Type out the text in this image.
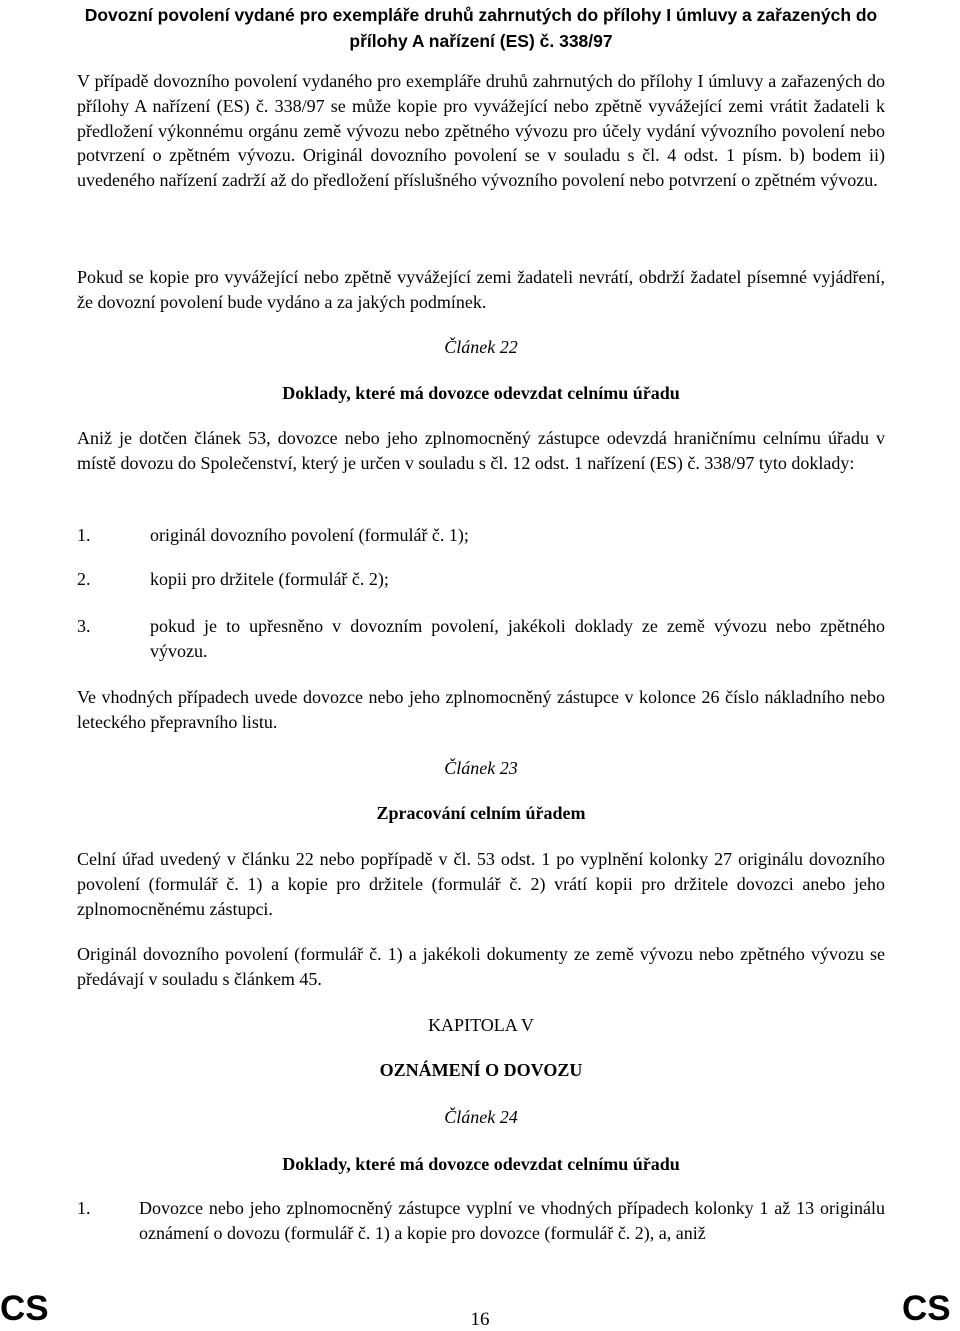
Dovozní povolení vydané pro exempláře druhů zahrnutých do přílohy I úmluvy a zařazených do přílohy A nařízení (ES) č. 338/97
V případě dovozního povolení vydaného pro exempláře druhů zahrnutých do přílohy I úmluvy a zařazených do přílohy A nařízení (ES) č. 338/97 se může kopie pro vyvážející nebo zpětně vyvážející zemi vrátit žadateli k předložení výkonnému orgánu země vývozu nebo zpětného vývozu pro účely vydání vývozního povolení nebo potvrzení o zpětném vývozu. Originál dovozního povolení se v souladu s čl. 4 odst. 1 písm. b) bodem ii) uvedeného nařízení zadrží až do předložení příslušného vývozního povolení nebo potvrzení o zpětném vývozu.
Pokud se kopie pro vyvážející nebo zpětně vyvážející zemi žadateli nevrátí, obdrží žadatel písemné vyjádření, že dovozní povolení bude vydáno a za jakých podmínek.
Článek 22
Doklady, které má dovozce odevzdat celnímu úřadu
Aniž je dotčen článek 53, dovozce nebo jeho zplnomocněný zástupce odevzdá hraničnímu celnímu úřadu v místě dovozu do Společenství, který je určen v souladu s čl. 12 odst. 1 nařízení (ES) č. 338/97 tyto doklady:
1.	originál dovozního povolení (formulář č. 1);
2.	kopii pro držitele (formulář č. 2);
3.	pokud je to upřesněno v dovozním povolení, jakékoli doklady ze země vývozu nebo zpětného vývozu.
Ve vhodných případech uvede dovozce nebo jeho zplnomocněný zástupce v kolonce 26 číslo nákladního nebo leteckého přepravního listu.
Článek 23
Zpracování celním úřadem
Celní úřad uvedený v článku 22 nebo popřípadě v čl. 53 odst. 1 po vyplnění kolonky 27 originálu dovozního povolení (formulář č. 1) a kopie pro držitele (formulář č. 2) vrátí kopii pro držitele dovozci anebo jeho zplnomocněnému zástupci.
Originál dovozního povolení (formulář č. 1) a jakékoli dokumenty ze země vývozu nebo zpětného vývozu se předávají v souladu s článkem 45.
KAPITOLA V
OZNÁMENÍ O DOVOZU
Článek 24
Doklady, které má dovozce odevzdat celnímu úřadu
1.	Dovozce nebo jeho zplnomocněný zástupce vyplní ve vhodných případech kolonky 1 až 13 originálu oznámení o dovozu (formulář č. 1) a kopie pro dovozce (formulář č. 2), a, aniž
CS	16	CS
